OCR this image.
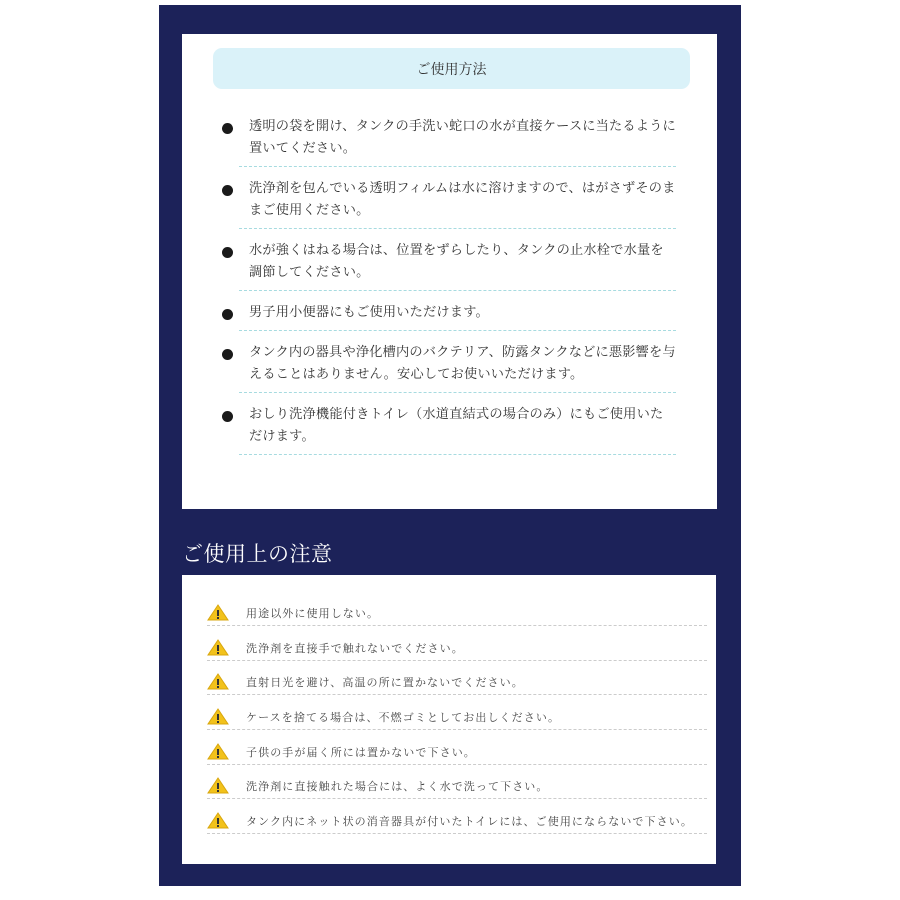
ご使用方法
透明の袋を開け、タンクの手洗い蛇口の水が直接ケースに当たるように置いてください。
洗浄剤を包んでいる透明フィルムは水に溶けますので、はがさずそのままご使用ください。
水が強くはねる場合は、位置をずらしたり、タンクの止水栓で水量を調節してください。
男子用小便器にもご使用いただけます。
タンク内の器具や浄化槽内のバクテリア、防露タンクなどに悪影響を与えることはありません。安心してお使いいただけます。
おしり洗浄機能付きトイレ（水道直結式の場合のみ）にもご使用いただけます。
ご使用上の注意
用途以外に使用しない。
洗浄剤を直接手で触れないでください。
直射日光を避け、高温の所に置かないでください。
ケースを捨てる場合は、不燃ゴミとしてお出しください。
子供の手が届く所には置かないで下さい。
洗浄剤に直接触れた場合には、よく水で洗って下さい。
タンク内にネット状の消音器具が付いたトイレには、ご使用にならないで下さい。
